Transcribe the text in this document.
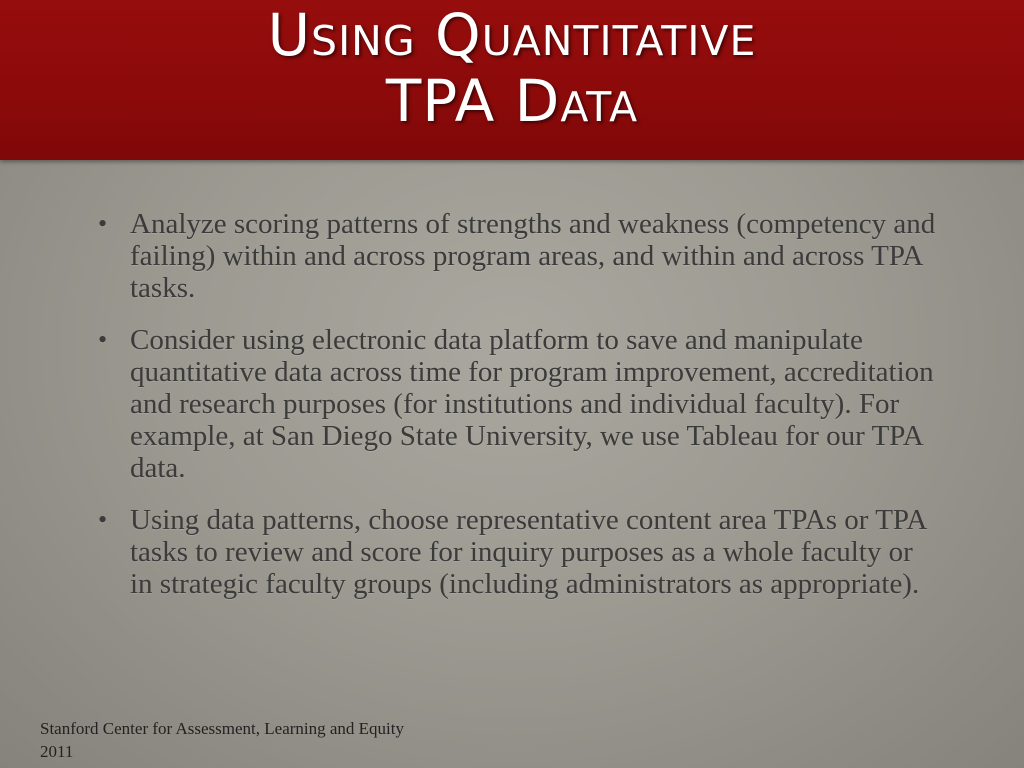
Using Quantitative
TPA Data
• Analyze scoring patterns of strengths and weakness (competency and failing) within and across program areas, and within and across TPA tasks.
• Consider using electronic data platform to save and manipulate quantitative data across time for program improvement, accreditation and research purposes (for institutions and individual faculty). For example, at San Diego State University, we use Tableau for our TPA data.
• Using data patterns, choose representative content area TPAs or TPA tasks to review and score for inquiry purposes as a whole faculty or in strategic faculty groups (including administrators as appropriate).
Stanford Center for Assessment, Learning and Equity
2011
